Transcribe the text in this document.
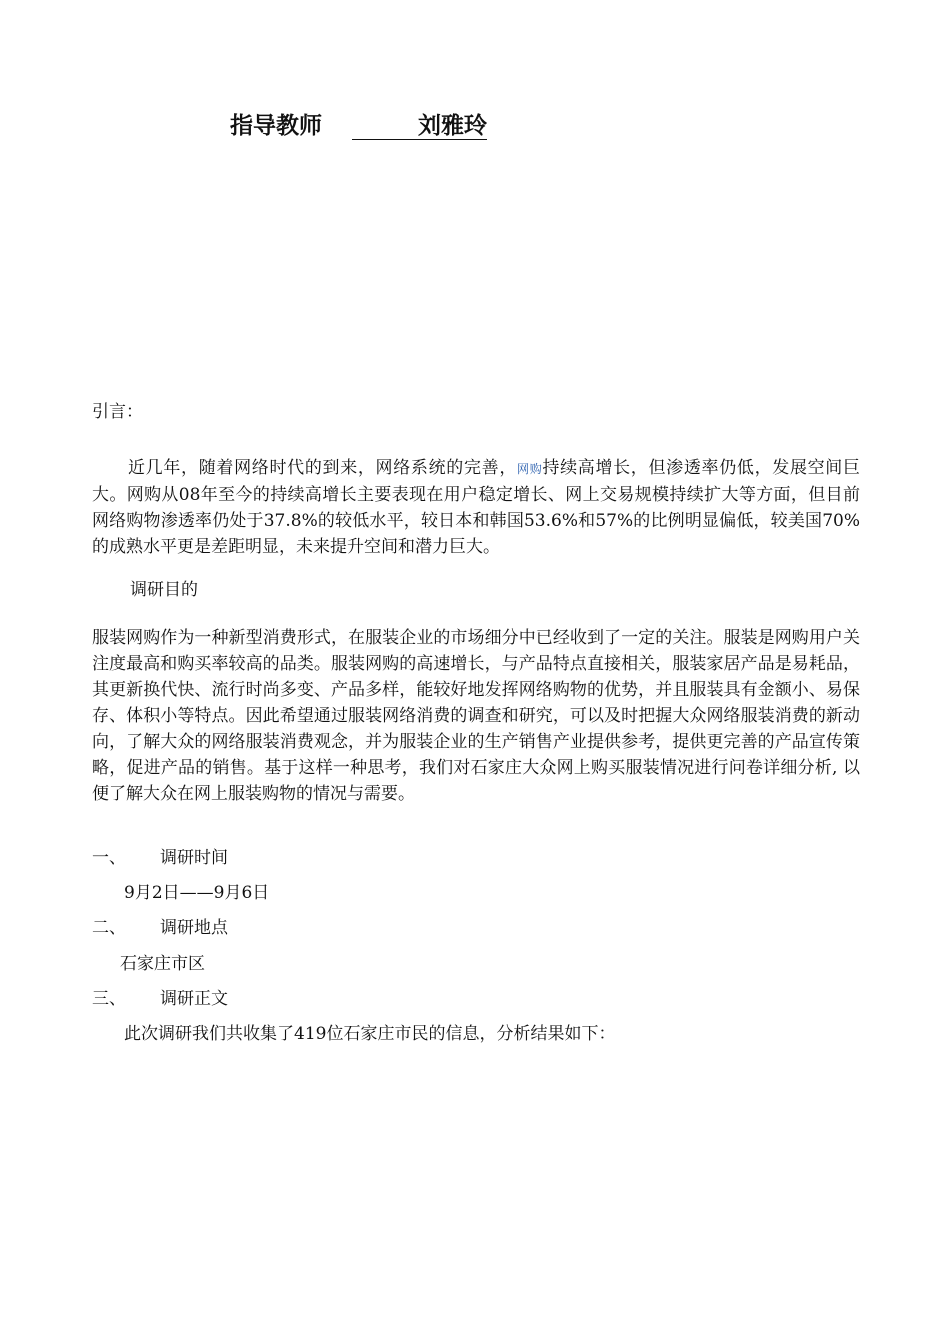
指导教师	刘雅玲
引言：

近几年，随着网络时代的到来，网络系统的完善，网购持续高增长，但渗透率仍低，发展空间巨大。网购从08年至今的持续高增长主要表现在用户稳定增长、网上交易规模持续扩大等方面，但目前网络购物渗透率仍处于37.8%的较低水平，较日本和韩国53.6%和57%的比例明显偏低，较美国70%的成熟水平更是差距明显，未来提升空间和潜力巨大。

调研目的

服装网购作为一种新型消费形式，在服装企业的市场细分中已经收到了一定的关注。服装是网购用户关注度最高和购买率较高的品类。服装网购的高速增长，与产品特点直接相关，服装家居产品是易耗品，其更新换代快、流行时尚多变、产品多样，能较好地发挥网络购物的优势，并且服装具有金额小、易保存、体积小等特点。因此希望通过服装网络消费的调查和研究，可以及时把握大众网络服装消费的新动向，了解大众的网络服装消费观念，并为服装企业的生产销售产业提供参考，提供更完善的产品宣传策略，促进产品的销售。基于这样一种思考，我们对石家庄大众网上购买服装情况进行问卷详细分析, 以便了解大众在网上服装购物的情况与需要。

一、 调研时间
9月2日——9月6日
二、 调研地点
石家庄市区
三、 调研正文
此次调研我们共收集了419位石家庄市民的信息，分析结果如下：
